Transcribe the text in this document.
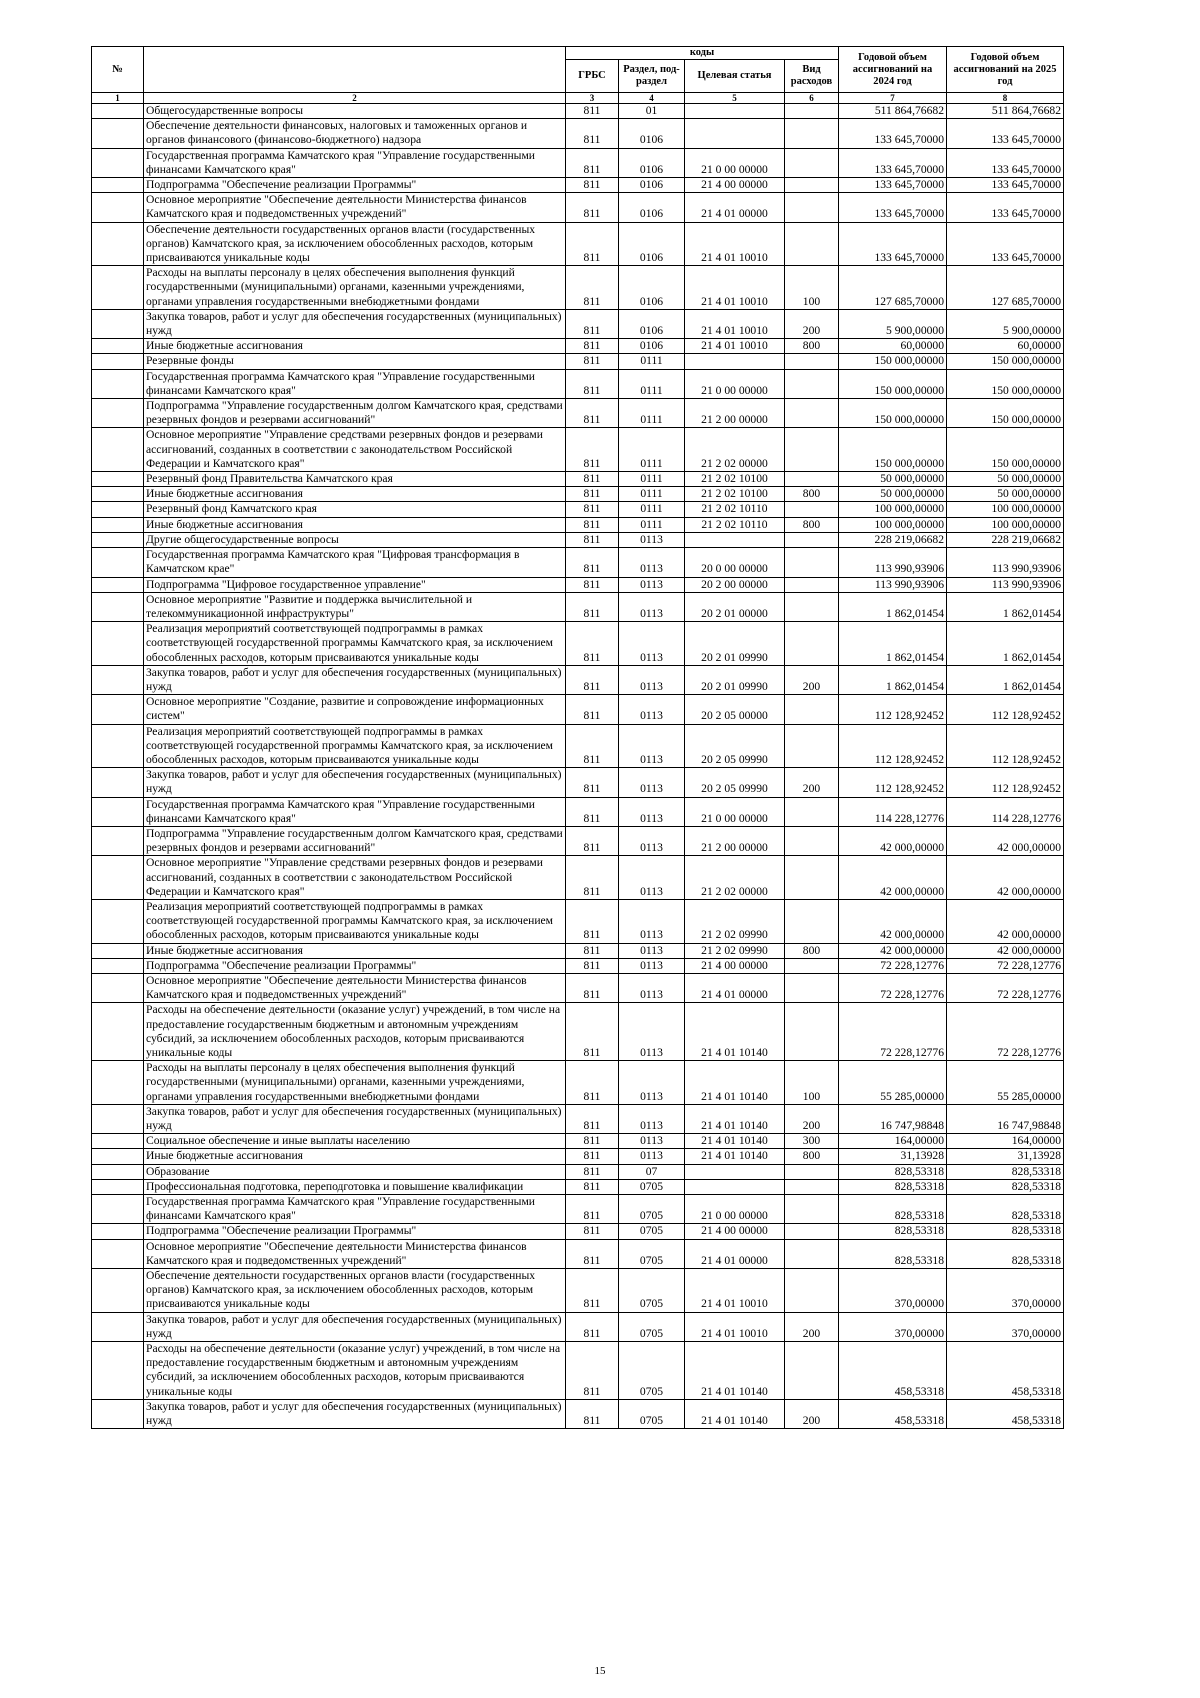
№		коды				Годовой объем ассигнований на 2024 год	Годовой объем ассигнований на 2025 год
		ГРБС	Раздел, под-раздел	Целевая статья	Вид расходов		
1	2	3	4	5	6	7	8
	Общегосударственные вопросы	811	01			511 864,76682	511 864,76682
	Обеспечение деятельности финансовых, налоговых и таможенных органов и органов финансового (финансово-бюджетного) надзора	811	0106			133 645,70000	133 645,70000
	Государственная программа Камчатского края "Управление государственными финансами Камчатского края"	811	0106	21 0 00 00000		133 645,70000	133 645,70000
	Подпрограмма "Обеспечение реализации Программы"	811	0106	21 4 00 00000		133 645,70000	133 645,70000
	Основное мероприятие "Обеспечение деятельности Министерства финансов Камчатского края и подведомственных учреждений"	811	0106	21 4 01 00000		133 645,70000	133 645,70000
	Обеспечение деятельности государственных органов власти (государственных органов) Камчатского края, за исключением обособленных расходов, которым присваиваются уникальные коды	811	0106	21 4 01 10010		133 645,70000	133 645,70000
	Расходы на выплаты персоналу в целях обеспечения выполнения функций государственными (муниципальными) органами, казенными учреждениями, органами управления государственными внебюджетными фондами	811	0106	21 4 01 10010	100	127 685,70000	127 685,70000
	Закупка товаров, работ и услуг для обеспечения государственных (муниципальных) нужд	811	0106	21 4 01 10010	200	5 900,00000	5 900,00000
	Иные бюджетные ассигнования	811	0106	21 4 01 10010	800	60,00000	60,00000
	Резервные фонды	811	0111			150 000,00000	150 000,00000
	Государственная программа Камчатского края "Управление государственными финансами Камчатского края"	811	0111	21 0 00 00000		150 000,00000	150 000,00000
	Подпрограмма "Управление государственным долгом Камчатского края, средствами резервных фондов и резервами ассигнований"	811	0111	21 2 00 00000		150 000,00000	150 000,00000
	Основное мероприятие "Управление средствами резервных фондов и резервами ассигнований, созданных в соответствии с законодательством Российской Федерации и Камчатского края"	811	0111	21 2 02 00000		150 000,00000	150 000,00000
	Резервный фонд Правительства Камчатского края	811	0111	21 2 02 10100		50 000,00000	50 000,00000
	Иные бюджетные ассигнования	811	0111	21 2 02 10100	800	50 000,00000	50 000,00000
	Резервный фонд Камчатского края	811	0111	21 2 02 10110		100 000,00000	100 000,00000
	Иные бюджетные ассигнования	811	0111	21 2 02 10110	800	100 000,00000	100 000,00000
	Другие общегосударственные вопросы	811	0113			228 219,06682	228 219,06682
	Государственная программа Камчатского края "Цифровая трансформация в Камчатском крае"	811	0113	20 0 00 00000		113 990,93906	113 990,93906
	Подпрограмма "Цифровое государственное управление"	811	0113	20 2 00 00000		113 990,93906	113 990,93906
	Основное мероприятие "Развитие и поддержка вычислительной и телекоммуникационной инфраструктуры"	811	0113	20 2 01 00000		1 862,01454	1 862,01454
	Реализация мероприятий соответствующей подпрограммы в рамках соответствующей государственной программы Камчатского края, за исключением обособленных расходов, которым присваиваются уникальные коды	811	0113	20 2 01 09990		1 862,01454	1 862,01454
	Закупка товаров, работ и услуг для обеспечения государственных (муниципальных) нужд	811	0113	20 2 01 09990	200	1 862,01454	1 862,01454
	Основное мероприятие "Создание, развитие и сопровождение информационных систем"	811	0113	20 2 05 00000		112 128,92452	112 128,92452
	Реализация мероприятий соответствующей подпрограммы в рамках соответствующей государственной программы Камчатского края, за исключением обособленных расходов, которым присваиваются уникальные коды	811	0113	20 2 05 09990		112 128,92452	112 128,92452
	Закупка товаров, работ и услуг для обеспечения государственных (муниципальных) нужд	811	0113	20 2 05 09990	200	112 128,92452	112 128,92452
	Государственная программа Камчатского края "Управление государственными финансами Камчатского края"	811	0113	21 0 00 00000		114 228,12776	114 228,12776
	Подпрограмма "Управление государственным долгом Камчатского края, средствами резервных фондов и резервами ассигнований"	811	0113	21 2 00 00000		42 000,00000	42 000,00000
	Основное мероприятие "Управление средствами резервных фондов и резервами ассигнований, созданных в соответствии с законодательством Российской Федерации и Камчатского края"	811	0113	21 2 02 00000		42 000,00000	42 000,00000
	Реализация мероприятий соответствующей подпрограммы в рамках соответствующей государственной программы Камчатского края, за исключением обособленных расходов, которым присваиваются уникальные коды	811	0113	21 2 02 09990		42 000,00000	42 000,00000
	Иные бюджетные ассигнования	811	0113	21 2 02 09990	800	42 000,00000	42 000,00000
	Подпрограмма "Обеспечение реализации Программы"	811	0113	21 4 00 00000		72 228,12776	72 228,12776
	Основное мероприятие "Обеспечение деятельности Министерства финансов Камчатского края и подведомственных учреждений"	811	0113	21 4 01 00000		72 228,12776	72 228,12776
	Расходы на обеспечение деятельности (оказание услуг) учреждений, в том числе на предоставление государственным бюджетным и автономным учреждениям субсидий, за исключением обособленных расходов, которым присваиваются уникальные коды	811	0113	21 4 01 10140		72 228,12776	72 228,12776
	Расходы на выплаты персоналу в целях обеспечения выполнения функций государственными (муниципальными) органами, казенными учреждениями, органами управления государственными внебюджетными фондами	811	0113	21 4 01 10140	100	55 285,00000	55 285,00000
	Закупка товаров, работ и услуг для обеспечения государственных (муниципальных) нужд	811	0113	21 4 01 10140	200	16 747,98848	16 747,98848
	Социальное обеспечение и иные выплаты населению	811	0113	21 4 01 10140	300	164,00000	164,00000
	Иные бюджетные ассигнования	811	0113	21 4 01 10140	800	31,13928	31,13928
	Образование	811	07			828,53318	828,53318
	Профессиональная подготовка, переподготовка и повышение квалификации	811	0705			828,53318	828,53318
	Государственная программа Камчатского края "Управление государственными финансами Камчатского края"	811	0705	21 0 00 00000		828,53318	828,53318
	Подпрограмма "Обеспечение реализации Программы"	811	0705	21 4 00 00000		828,53318	828,53318
	Основное мероприятие "Обеспечение деятельности Министерства финансов Камчатского края и подведомственных учреждений"	811	0705	21 4 01 00000		828,53318	828,53318
	Обеспечение деятельности государственных органов власти (государственных органов) Камчатского края, за исключением обособленных расходов, которым присваиваются уникальные коды	811	0705	21 4 01 10010		370,00000	370,00000
	Закупка товаров, работ и услуг для обеспечения государственных (муниципальных) нужд	811	0705	21 4 01 10010	200	370,00000	370,00000
	Расходы на обеспечение деятельности (оказание услуг) учреждений, в том числе на предоставление государственным бюджетным и автономным учреждениям субсидий, за исключением обособленных расходов, которым присваиваются уникальные коды	811	0705	21 4 01 10140		458,53318	458,53318
	Закупка товаров, работ и услуг для обеспечения государственных (муниципальных) нужд	811	0705	21 4 01 10140	200	458,53318	458,53318
15
